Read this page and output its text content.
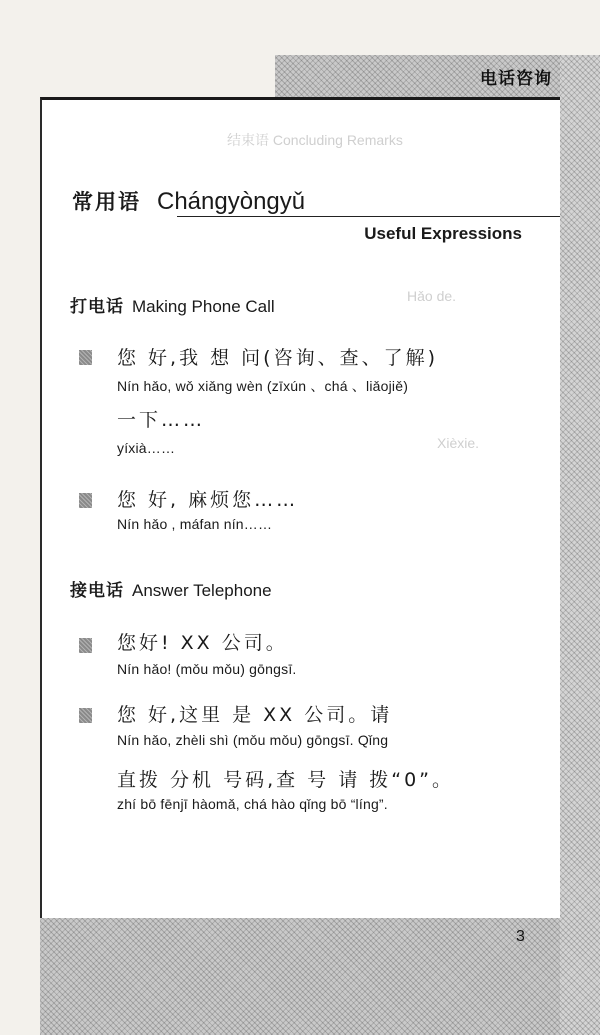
电话咨询
结束语 Concluding Remarks
Hǎo de.
Xièxie.
常用语 Chángyòngyǔ
Useful Expressions
打电话 Making Phone Call
您 好,我 想 问(咨询、查、了解)
Nín hǎo, wǒ xiǎng wèn (zīxún 、chá 、liǎojiě)
一下……
yíxià……
您 好, 麻烦您……
Nín hǎo , máfan nín……
接电话 Answer Telephone
您好! XX 公司。
Nín hǎo! (mǒu mǒu) gōngsī.
您 好,这里 是 XX 公司。请
Nín hǎo, zhèli shì (mǒu mǒu) gōngsī. Qǐng
直拨 分机 号码,查 号 请 拨“0”。
zhí bō fēnjī hàomǎ, chá hào qǐng bō “líng”.
3
